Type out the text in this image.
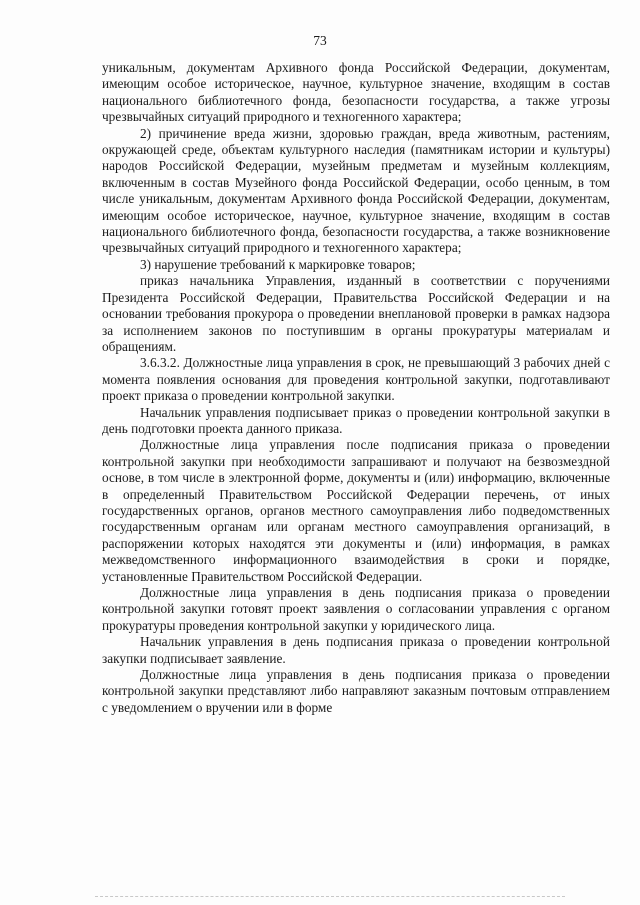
73

уникальным, документам Архивного фонда Российской Федерации, документам, имеющим особое историческое, научное, культурное значение, входящим в состав национального библиотечного фонда, безопасности государства, а также угрозы чрезвычайных ситуаций природного и техногенного характера;

2) причинение вреда жизни, здоровью граждан, вреда животным, растениям, окружающей среде, объектам культурного наследия (памятникам истории и культуры) народов Российской Федерации, музейным предметам и музейным коллекциям, включенным в состав Музейного фонда Российской Федерации, особо ценным, в том числе уникальным, документам Архивного фонда Российской Федерации, документам, имеющим особое историческое, научное, культурное значение, входящим в состав национального библиотечного фонда, безопасности государства, а также возникновение чрезвычайных ситуаций природного и техногенного характера;

3) нарушение требований к маркировке товаров;

приказ начальника Управления, изданный в соответствии с поручениями Президента Российской Федерации, Правительства Российской Федерации и на основании требования прокурора о проведении внеплановой проверки в рамках надзора за исполнением законов по поступившим в органы прокуратуры материалам и обращениям.

3.6.3.2. Должностные лица управления в срок, не превышающий 3 рабочих дней с момента появления основания для проведения контрольной закупки, подготавливают проект приказа о проведении контрольной закупки.

Начальник управления подписывает приказ о проведении контрольной закупки в день подготовки проекта данного приказа.

Должностные лица управления после подписания приказа о проведении контрольной закупки при необходимости запрашивают и получают на безвозмездной основе, в том числе в электронной форме, документы и (или) информацию, включенные в определенный Правительством Российской Федерации перечень, от иных государственных органов, органов местного самоуправления либо подведомственных государственным органам или органам местного самоуправления организаций, в распоряжении которых находятся эти документы и (или) информация, в рамках межведомственного информационного взаимодействия в сроки и порядке, установленные Правительством Российской Федерации.

Должностные лица управления в день подписания приказа о проведении контрольной закупки готовят проект заявления о согласовании управления с органом прокуратуры проведения контрольной закупки у юридического лица.

Начальник управления в день подписания приказа о проведении контрольной закупки подписывает заявление.

Должностные лица управления в день подписания приказа о проведении контрольной закупки представляют либо направляют заказным почтовым отправлением с уведомлением о вручении или в форме
